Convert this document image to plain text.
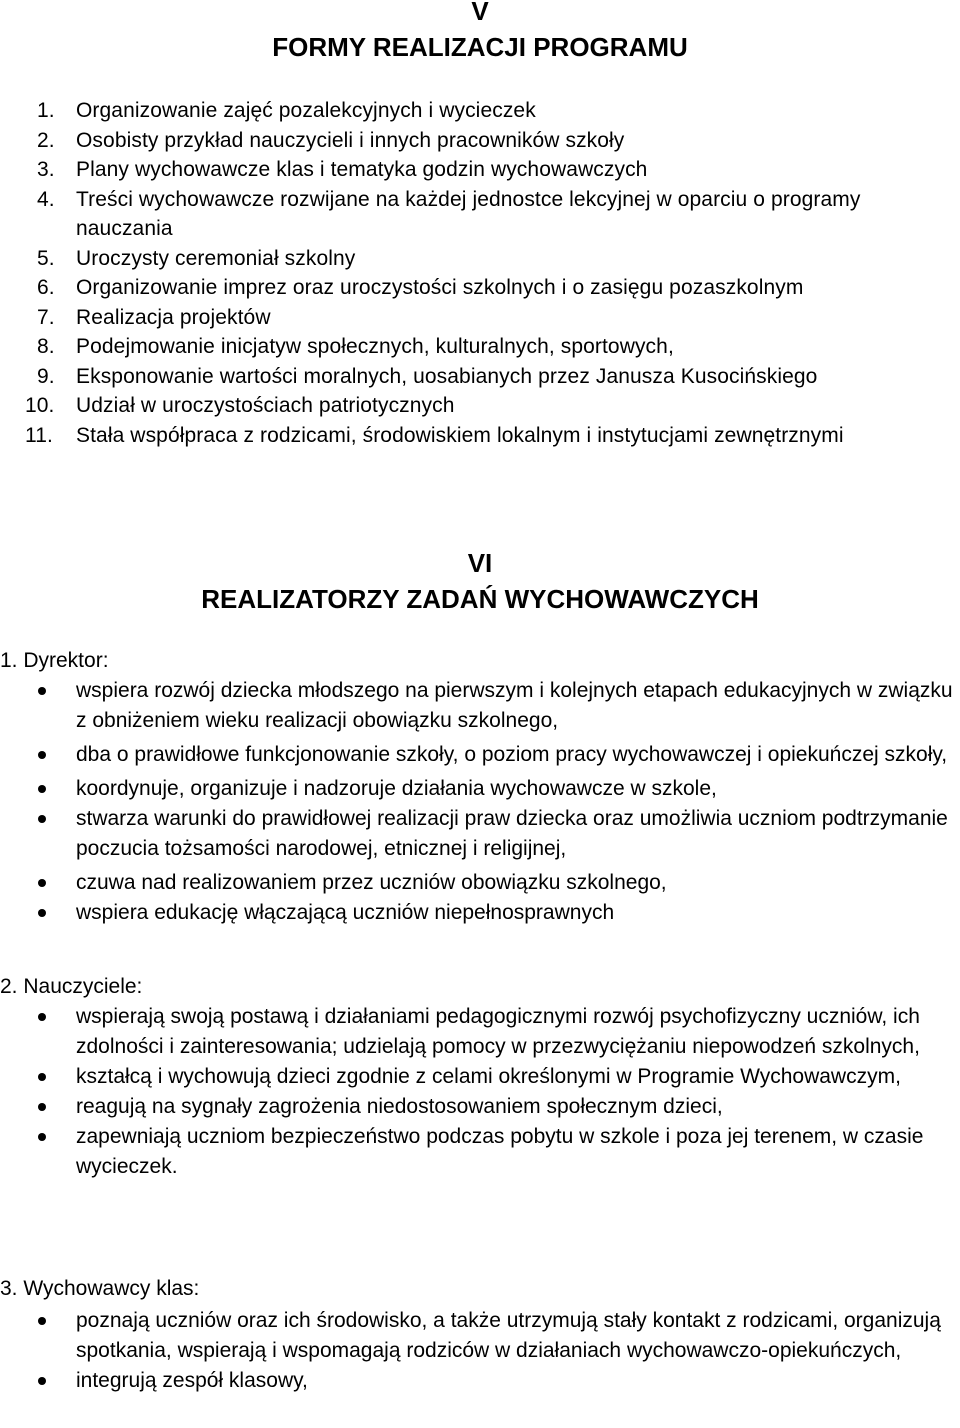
V
FORMY REALIZACJI PROGRAMU
1. Organizowanie zajęć pozalekcyjnych i wycieczek
2. Osobisty przykład nauczycieli i innych pracowników szkoły
3. Plany wychowawcze klas i tematyka godzin wychowawczych
4. Treści wychowawcze rozwijane na każdej jednostce lekcyjnej w oparciu o programy nauczania
5. Uroczysty ceremoniał szkolny
6. Organizowanie imprez oraz uroczystości szkolnych i o zasięgu pozaszkolnym
7. Realizacja projektów
8. Podejmowanie inicjatyw społecznych, kulturalnych, sportowych,
9. Eksponowanie wartości moralnych, uosabianych przez Janusza Kusocińskiego
10. Udział w uroczystościach patriotycznych
11. Stała współpraca z rodzicami, środowiskiem lokalnym i instytucjami zewnętrznymi
VI
REALIZATORZY ZADAŃ WYCHOWAWCZYCH

1. Dyrektor:

wspiera rozwój dziecka młodszego na pierwszym i kolejnych etapach edukacyjnych w związku z obniżeniem wieku realizacji obowiązku szkolnego,
dba o prawidłowe funkcjonowanie szkoły, o poziom pracy wychowawczej i opiekuńczej szkoły,
koordynuje, organizuje i nadzoruje działania wychowawcze w szkole,
stwarza warunki do prawidłowej realizacji praw dziecka oraz umożliwia uczniom podtrzymanie poczucia tożsamości narodowej, etnicznej i religijnej,
czuwa nad realizowaniem przez uczniów obowiązku szkolnego,
wspiera edukację włączającą uczniów niepełnosprawnych

2. Nauczyciele:

wspierają swoją postawą i działaniami pedagogicznymi rozwój psychofizyczny uczniów, ich zdolności i zainteresowania; udzielają pomocy w przezwyciężaniu niepowodzeń szkolnych,
kształcą i wychowują dzieci zgodnie z celami określonymi w Programie Wychowawczym,
reagują na sygnały zagrożenia niedostosowaniem społecznym dzieci,
zapewniają uczniom bezpieczeństwo podczas pobytu w szkole i poza jej terenem, w czasie wycieczek.

3. Wychowawcy klas:

poznają uczniów oraz ich środowisko, a także utrzymują stały kontakt z rodzicami, organizują spotkania, wspierają i wspomagają rodziców w działaniach wychowawczo-opiekuńczych,
integrują zespół klasowy,
